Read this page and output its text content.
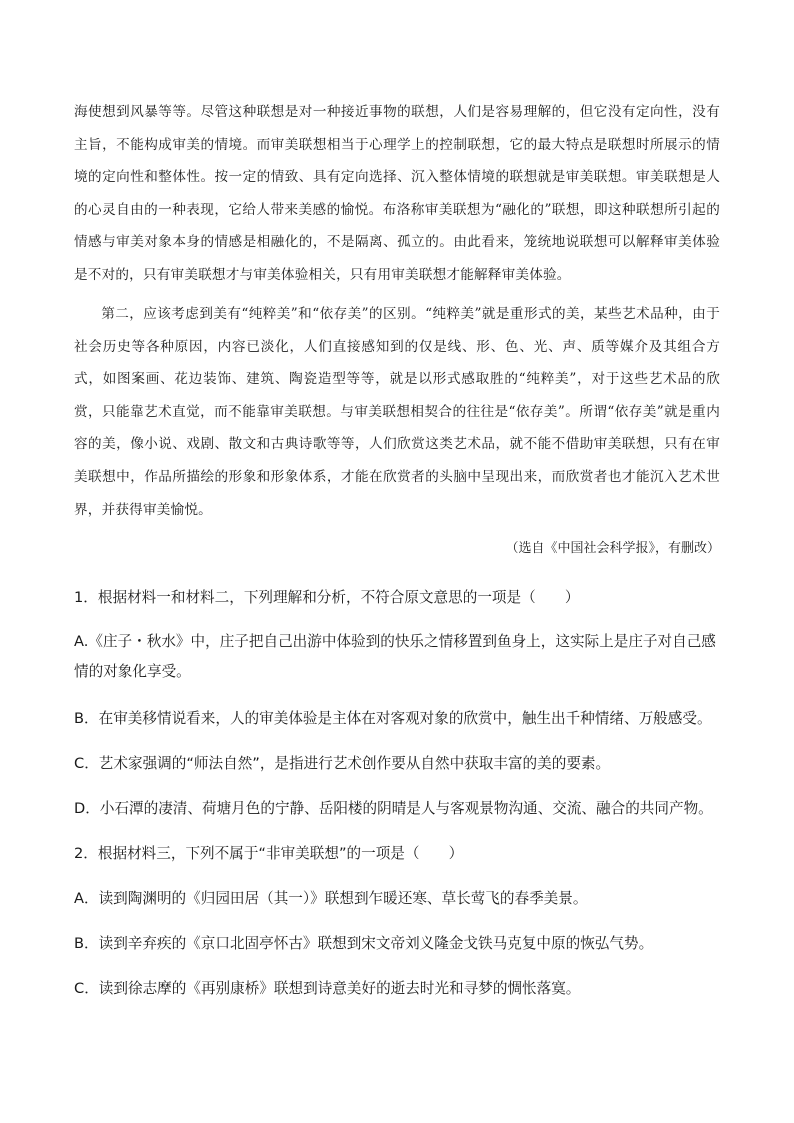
海使想到风暴等等。尽管这种联想是对一种接近事物的联想，人们是容易理解的，但它没有定向性，没有主旨，不能构成审美的情境。而审美联想相当于心理学上的控制联想，它的最大特点是联想时所展示的情境的定向性和整体性。按一定的情致、具有定向选择、沉入整体情境的联想就是审美联想。审美联想是人的心灵自由的一种表现，它给人带来美感的愉悦。布洛称审美联想为“融化的”联想，即这种联想所引起的情感与审美对象本身的情感是相融化的，不是隔离、孤立的。由此看来，笼统地说联想可以解释审美体验是不对的，只有审美联想才与审美体验相关，只有用审美联想才能解释审美体验。

第二，应该考虑到美有“纯粹美”和“依存美”的区别。“纯粹美”就是重形式的美，某些艺术品种，由于社会历史等各种原因，内容已淡化，人们直接感知到的仅是线、形、色、光、声、质等媒介及其组合方式，如图案画、花边装饰、建筑、陶瓷造型等等，就是以形式感取胜的“纯粹美”，对于这些艺术品的欣赏，只能靠艺术直觉，而不能靠审美联想。与审美联想相契合的往往是“依存美”。所谓“依存美”就是重内容的美，像小说、戏剧、散文和古典诗歌等等，人们欣赏这类艺术品，就不能不借助审美联想，只有在审美联想中，作品所描绘的形象和形象体系，才能在欣赏者的头脑中呈现出来，而欣赏者也才能沉入艺术世界，并获得审美愉悦。

（选自《中国社会科学报》，有删改）

1．根据材料一和材料二，下列理解和分析，不符合原文意思的一项是（　　）

A.《庄子・秋水》中，庄子把自己出游中体验到的快乐之情移置到鱼身上，这实际上是庄子对自己感情的对象化享受。

B．在审美移情说看来，人的审美体验是主体在对客观对象的欣赏中，触生出千种情绪、万般感受。

C．艺术家强调的“师法自然”，是指进行艺术创作要从自然中获取丰富的美的要素。

D．小石潭的凄清、荷塘月色的宁静、岳阳楼的阴晴是人与客观景物沟通、交流、融合的共同产物。

2．根据材料三，下列不属于“非审美联想”的一项是（　　）

A．读到陶渊明的《归园田居（其一）》联想到乍暖还寒、草长莺飞的春季美景。

B．读到辛弃疾的《京口北固亭怀古》联想到宋文帝刘义隆金戈铁马克复中原的恢弘气势。

C．读到徐志摩的《再别康桥》联想到诗意美好的逝去时光和寻梦的惆怅落寞。
